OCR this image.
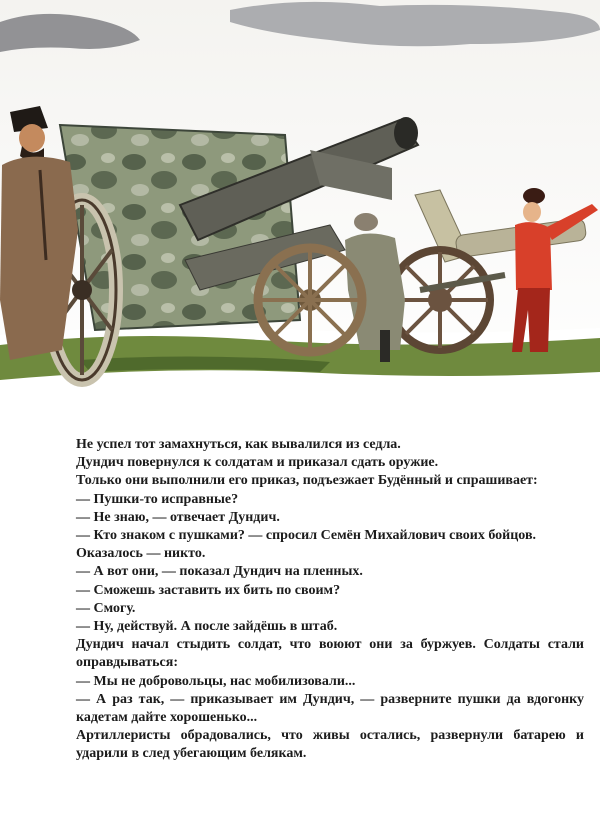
Не успел тот замахнуться, как вывалился из седла.

Дундич повернулся к солдатам и приказал сдать оружие.

Только они выполнили его приказ, подъезжает Будённый и спрашивает:

— Пушки-то исправные?

— Не знаю, — отвечает Дундич.

— Кто знаком с пушками? — спросил Семён Михайлович своих бойцов.

Оказалось — никто.

— А вот они, — показал Дундич на пленных.

— Сможешь заставить их бить по своим?

— Смогу.

— Ну, действуй. А после зайдёшь в штаб.

Дундич начал стыдить солдат, что воюют они за буржуев. Солдаты стали оправдываться:

— Мы не добровольцы, нас мобилизовали...

— А раз так, — приказывает им Дундич, — разверните пушки да вдогонку кадетам дайте хорошенько...

Артиллеристы обрадовались, что живы остались, развернули батарею и ударили в след убегающим белякам.
